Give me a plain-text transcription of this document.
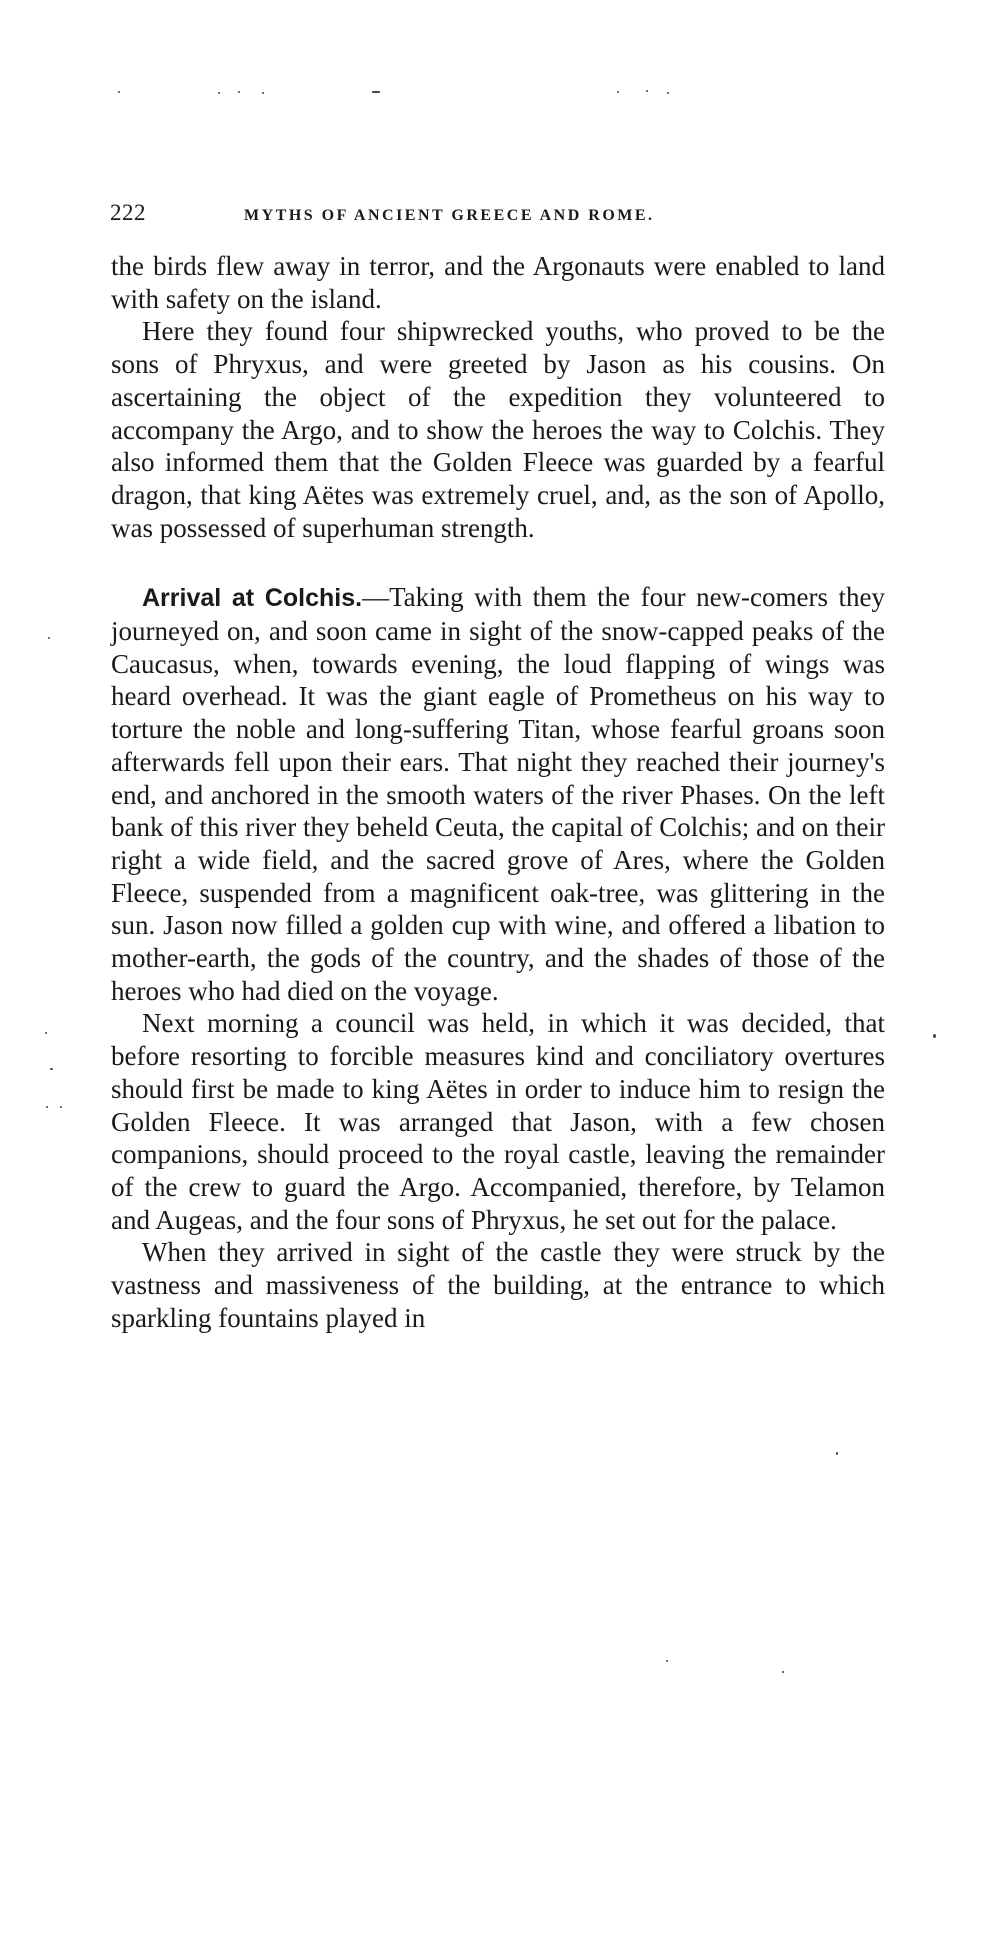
222	MYTHS OF ANCIENT GREECE AND ROME.

the birds flew away in terror, and the Argonauts were enabled to land with safety on the island.

Here they found four shipwrecked youths, who proved to be the sons of Phryxus, and were greeted by Jason as his cousins. On ascertaining the object of the expedition they volunteered to accompany the Argo, and to show the heroes the way to Colchis. They also informed them that the Golden Fleece was guarded by a fearful dragon, that king Aëtes was extremely cruel, and, as the son of Apollo, was possessed of superhuman strength.

Arrival at Colchis.—Taking with them the four new-comers they journeyed on, and soon came in sight of the snow-capped peaks of the Caucasus, when, towards evening, the loud flapping of wings was heard overhead. It was the giant eagle of Prometheus on his way to torture the noble and long-suffering Titan, whose fearful groans soon afterwards fell upon their ears. That night they reached their journey's end, and anchored in the smooth waters of the river Phases. On the left bank of this river they beheld Ceuta, the capital of Colchis; and on their right a wide field, and the sacred grove of Ares, where the Golden Fleece, suspended from a magnificent oak-tree, was glittering in the sun. Jason now filled a golden cup with wine, and offered a libation to mother-earth, the gods of the country, and the shades of those of the heroes who had died on the voyage.

Next morning a council was held, in which it was decided, that before resorting to forcible measures kind and conciliatory overtures should first be made to king Aëtes in order to induce him to resign the Golden Fleece. It was arranged that Jason, with a few chosen companions, should proceed to the royal castle, leaving the remainder of the crew to guard the Argo. Accompanied, therefore, by Telamon and Augeas, and the four sons of Phryxus, he set out for the palace.

When they arrived in sight of the castle they were struck by the vastness and massiveness of the building, at the entrance to which sparkling fountains played in
